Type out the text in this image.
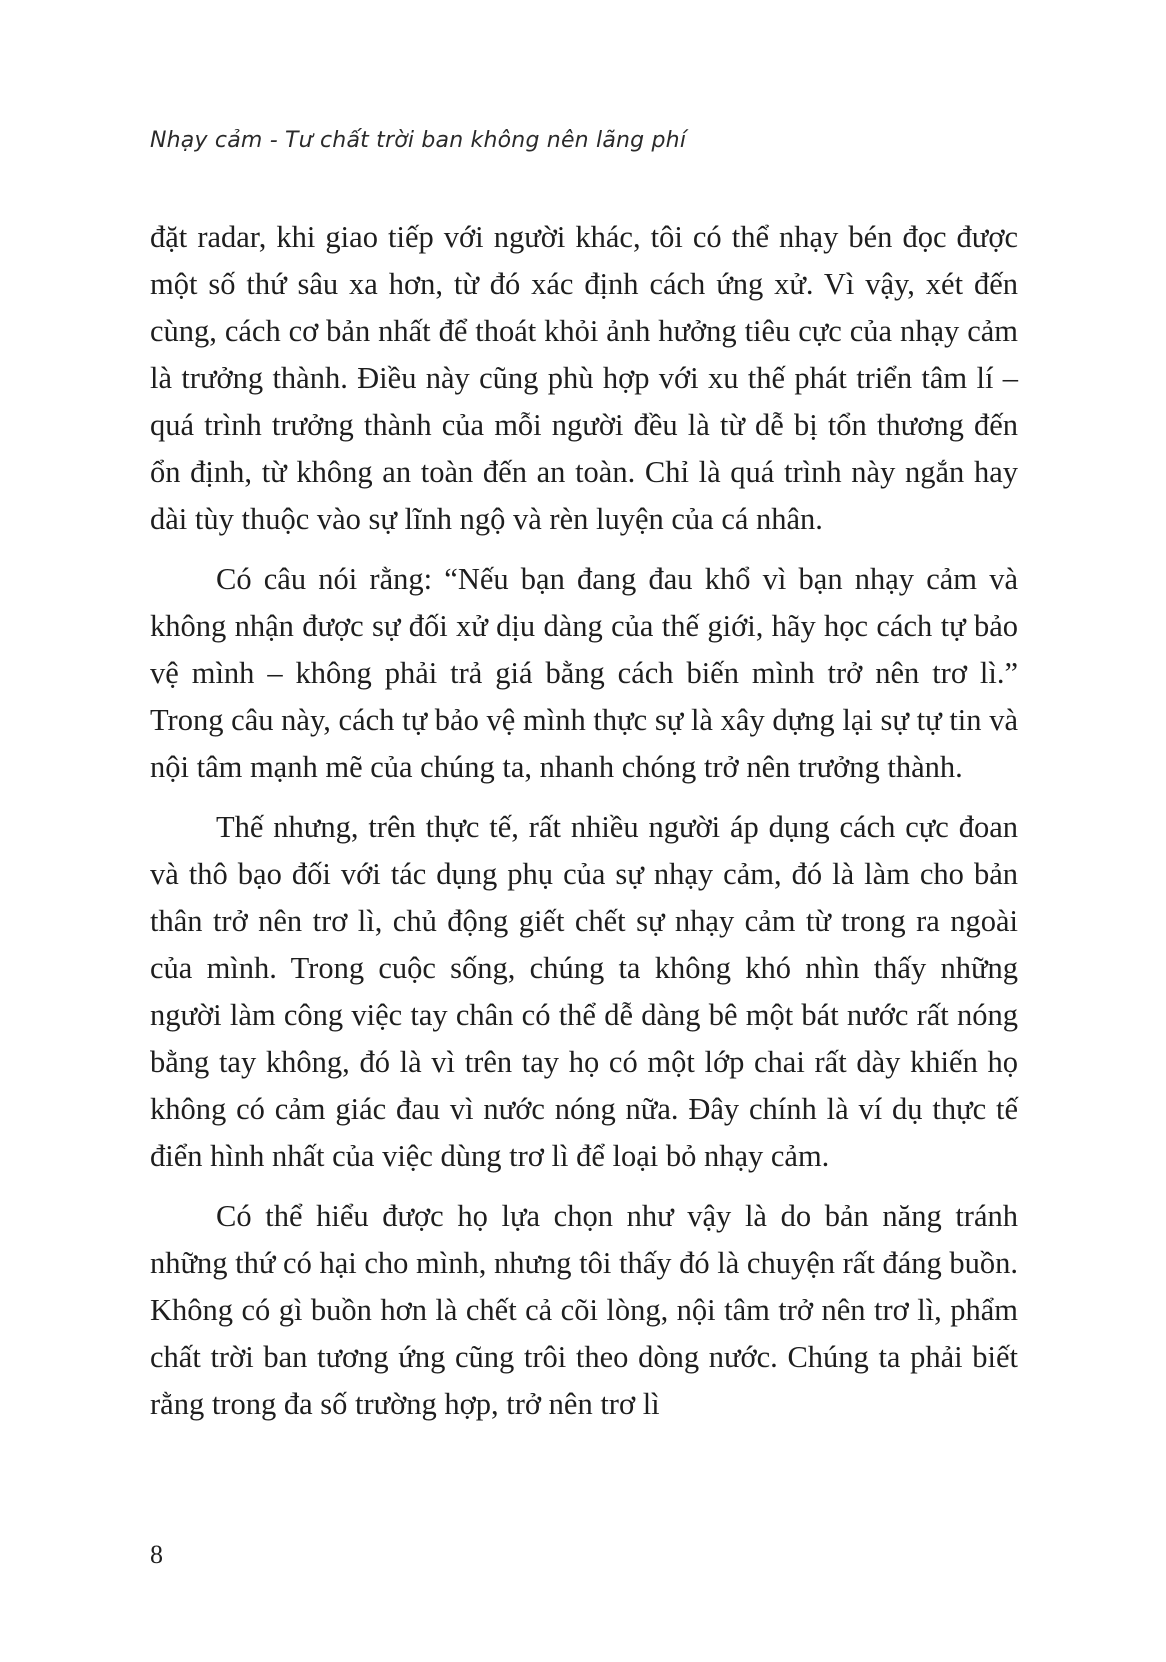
Nhạy cảm - Tư chất trời ban không nên lãng phí

đặt radar, khi giao tiếp với người khác, tôi có thể nhạy bén đọc được một số thứ sâu xa hơn, từ đó xác định cách ứng xử. Vì vậy, xét đến cùng, cách cơ bản nhất để thoát khỏi ảnh hưởng tiêu cực của nhạy cảm là trưởng thành. Điều này cũng phù hợp với xu thế phát triển tâm lí – quá trình trưởng thành của mỗi người đều là từ dễ bị tổn thương đến ổn định, từ không an toàn đến an toàn. Chỉ là quá trình này ngắn hay dài tùy thuộc vào sự lĩnh ngộ và rèn luyện của cá nhân.

Có câu nói rằng: “Nếu bạn đang đau khổ vì bạn nhạy cảm và không nhận được sự đối xử dịu dàng của thế giới, hãy học cách tự bảo vệ mình – không phải trả giá bằng cách biến mình trở nên trơ lì.” Trong câu này, cách tự bảo vệ mình thực sự là xây dựng lại sự tự tin và nội tâm mạnh mẽ của chúng ta, nhanh chóng trở nên trưởng thành.

Thế nhưng, trên thực tế, rất nhiều người áp dụng cách cực đoan và thô bạo đối với tác dụng phụ của sự nhạy cảm, đó là làm cho bản thân trở nên trơ lì, chủ động giết chết sự nhạy cảm từ trong ra ngoài của mình. Trong cuộc sống, chúng ta không khó nhìn thấy những người làm công việc tay chân có thể dễ dàng bê một bát nước rất nóng bằng tay không, đó là vì trên tay họ có một lớp chai rất dày khiến họ không có cảm giác đau vì nước nóng nữa. Đây chính là ví dụ thực tế điển hình nhất của việc dùng trơ lì để loại bỏ nhạy cảm.

Có thể hiểu được họ lựa chọn như vậy là do bản năng tránh những thứ có hại cho mình, nhưng tôi thấy đó là chuyện rất đáng buồn. Không có gì buồn hơn là chết cả cõi lòng, nội tâm trở nên trơ lì, phẩm chất trời ban tương ứng cũng trôi theo dòng nước. Chúng ta phải biết rằng trong đa số trường hợp, trở nên trơ lì

8
